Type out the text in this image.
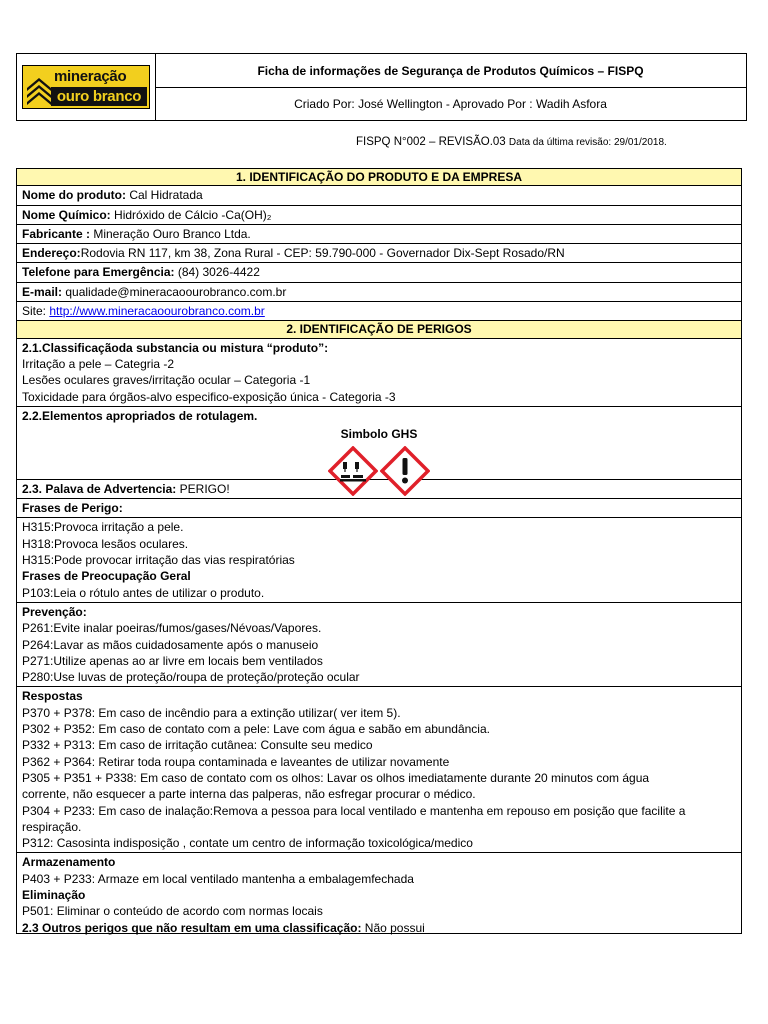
mineração
ouro branco
Ficha de informações de Segurança de Produtos Químicos – FISPQ
Criado Por: José Wellington - Aprovado Por : Wadih Asfora
FISPQ N°002 – REVISÃO.03 Data da última revisão: 29/01/2018.
1. IDENTIFICAÇÃO DO PRODUTO E DA EMPRESA
Nome do produto: Cal Hidratada
Nome Químico: Hidróxido de Cálcio -Ca(OH)₂
Fabricante : Mineração Ouro Branco Ltda.
Endereço:Rodovia RN 117, km 38, Zona Rural - CEP: 59.790-000 - Governador Dix-Sept Rosado/RN
Telefone para Emergência: (84) 3026-4422
E-mail: qualidade@mineracaoourobranco.com.br
Site: http://www.mineracaoourobranco.com.br
2. IDENTIFICAÇÃO DE PERIGOS
2.1.Classificaçãoda substancia ou mistura “produto”:
Irritação a pele – Categria -2
Lesões oculares graves/irritação ocular – Categoria -1
Toxicidade para órgãos-alvo especifico-exposição única - Categoria -3
2.2.Elementos apropriados de rotulagem.
Simbolo GHS
2.3. Palava de Advertencia: PERIGO!
Frases de Perigo:
H315:Provoca irritação a pele.
H318:Provoca lesãos oculares.
H315:Pode provocar irritação das vias respiratórias
Frases de Preocupação Geral
P103:Leia o rótulo antes de utilizar o produto.
Prevenção:
P261:Evite inalar poeiras/fumos/gases/Névoas/Vapores.
P264:Lavar as mãos cuidadosamente após o manuseio
P271:Utilize apenas ao ar livre em locais bem ventilados
P280:Use luvas de proteção/roupa de proteção/proteção ocular
Respostas
P370 + P378: Em caso de incêndio para a extinção utilizar( ver item 5).
P302 + P352: Em caso de contato com a pele: Lave com água e sabão em abundância.
P332 + P313: Em caso de irritação cutânea: Consulte seu medico
P362 + P364: Retirar toda roupa contaminada e laveantes de utilizar novamente
P305 + P351 + P338: Em caso de contato com os olhos: Lavar os olhos imediatamente durante 20 minutos com água
corrente, não esquecer a parte interna das palperas, não esfregar procurar o médico.
P304 + P233: Em caso de inalação:Remova a pessoa para local ventilado e mantenha em repouso em posição que facilite a
respiração.
P312: Casosinta indisposição , contate um centro de informação toxicológica/medico
Armazenamento
P403 + P233: Armaze em local ventilado mantenha a embalagemfechada
Eliminação
P501: Eliminar o conteúdo de acordo com normas locais
2.3 Outros perigos que não resultam em uma classificação: Não possui
